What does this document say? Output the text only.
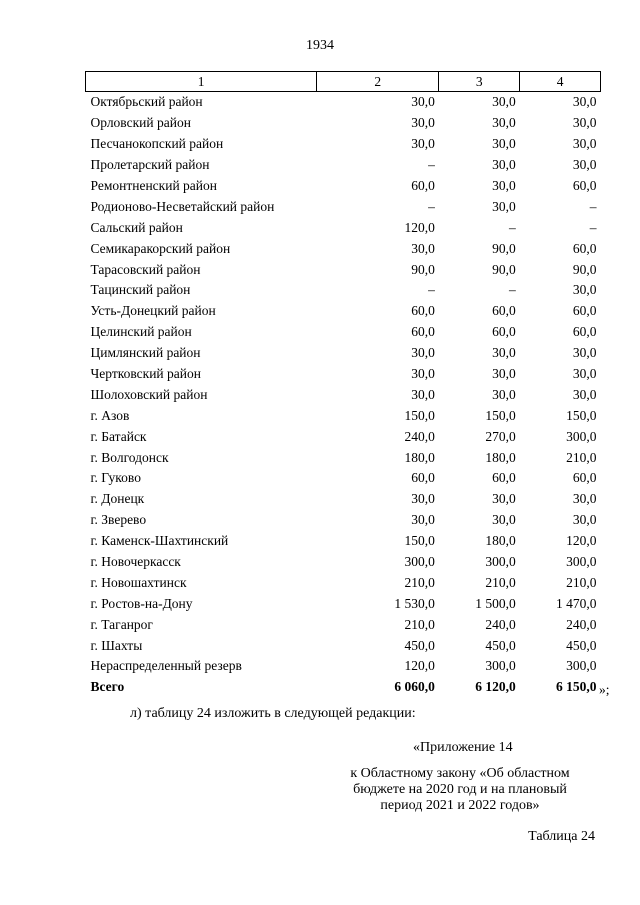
1934
1	2	3	4
Октябрьский район	30,0	30,0	30,0
Орловский район	30,0	30,0	30,0
Песчанокопский район	30,0	30,0	30,0
Пролетарский район	–	30,0	30,0
Ремонтненский район	60,0	30,0	60,0
Родионово-Несветайский район	–	30,0	–
Сальский район	120,0	–	–
Семикаракорский район	30,0	90,0	60,0
Тарасовский район	90,0	90,0	90,0
Тацинский район	–	–	30,0
Усть-Донецкий район	60,0	60,0	60,0
Целинский район	60,0	60,0	60,0
Цимлянский район	30,0	30,0	30,0
Чертковский район	30,0	30,0	30,0
Шолоховский район	30,0	30,0	30,0
г. Азов	150,0	150,0	150,0
г. Батайск	240,0	270,0	300,0
г. Волгодонск	180,0	180,0	210,0
г. Гуково	60,0	60,0	60,0
г. Донецк	30,0	30,0	30,0
г. Зверево	30,0	30,0	30,0
г. Каменск-Шахтинский	150,0	180,0	120,0
г. Новочеркасск	300,0	300,0	300,0
г. Новошахтинск	210,0	210,0	210,0
г. Ростов-на-Дону	1 530,0	1 500,0	1 470,0
г. Таганрог	210,0	240,0	240,0
г. Шахты	450,0	450,0	450,0
Нераспределенный резерв	120,0	300,0	300,0
Всего	6 060,0	6 120,0	6 150,0 »;
л) таблицу 24 изложить в следующей редакции:
«Приложение 14
к Областному закону «Об областном
бюджете на 2020 год и на плановый
период 2021 и 2022 годов»
Таблица 24
